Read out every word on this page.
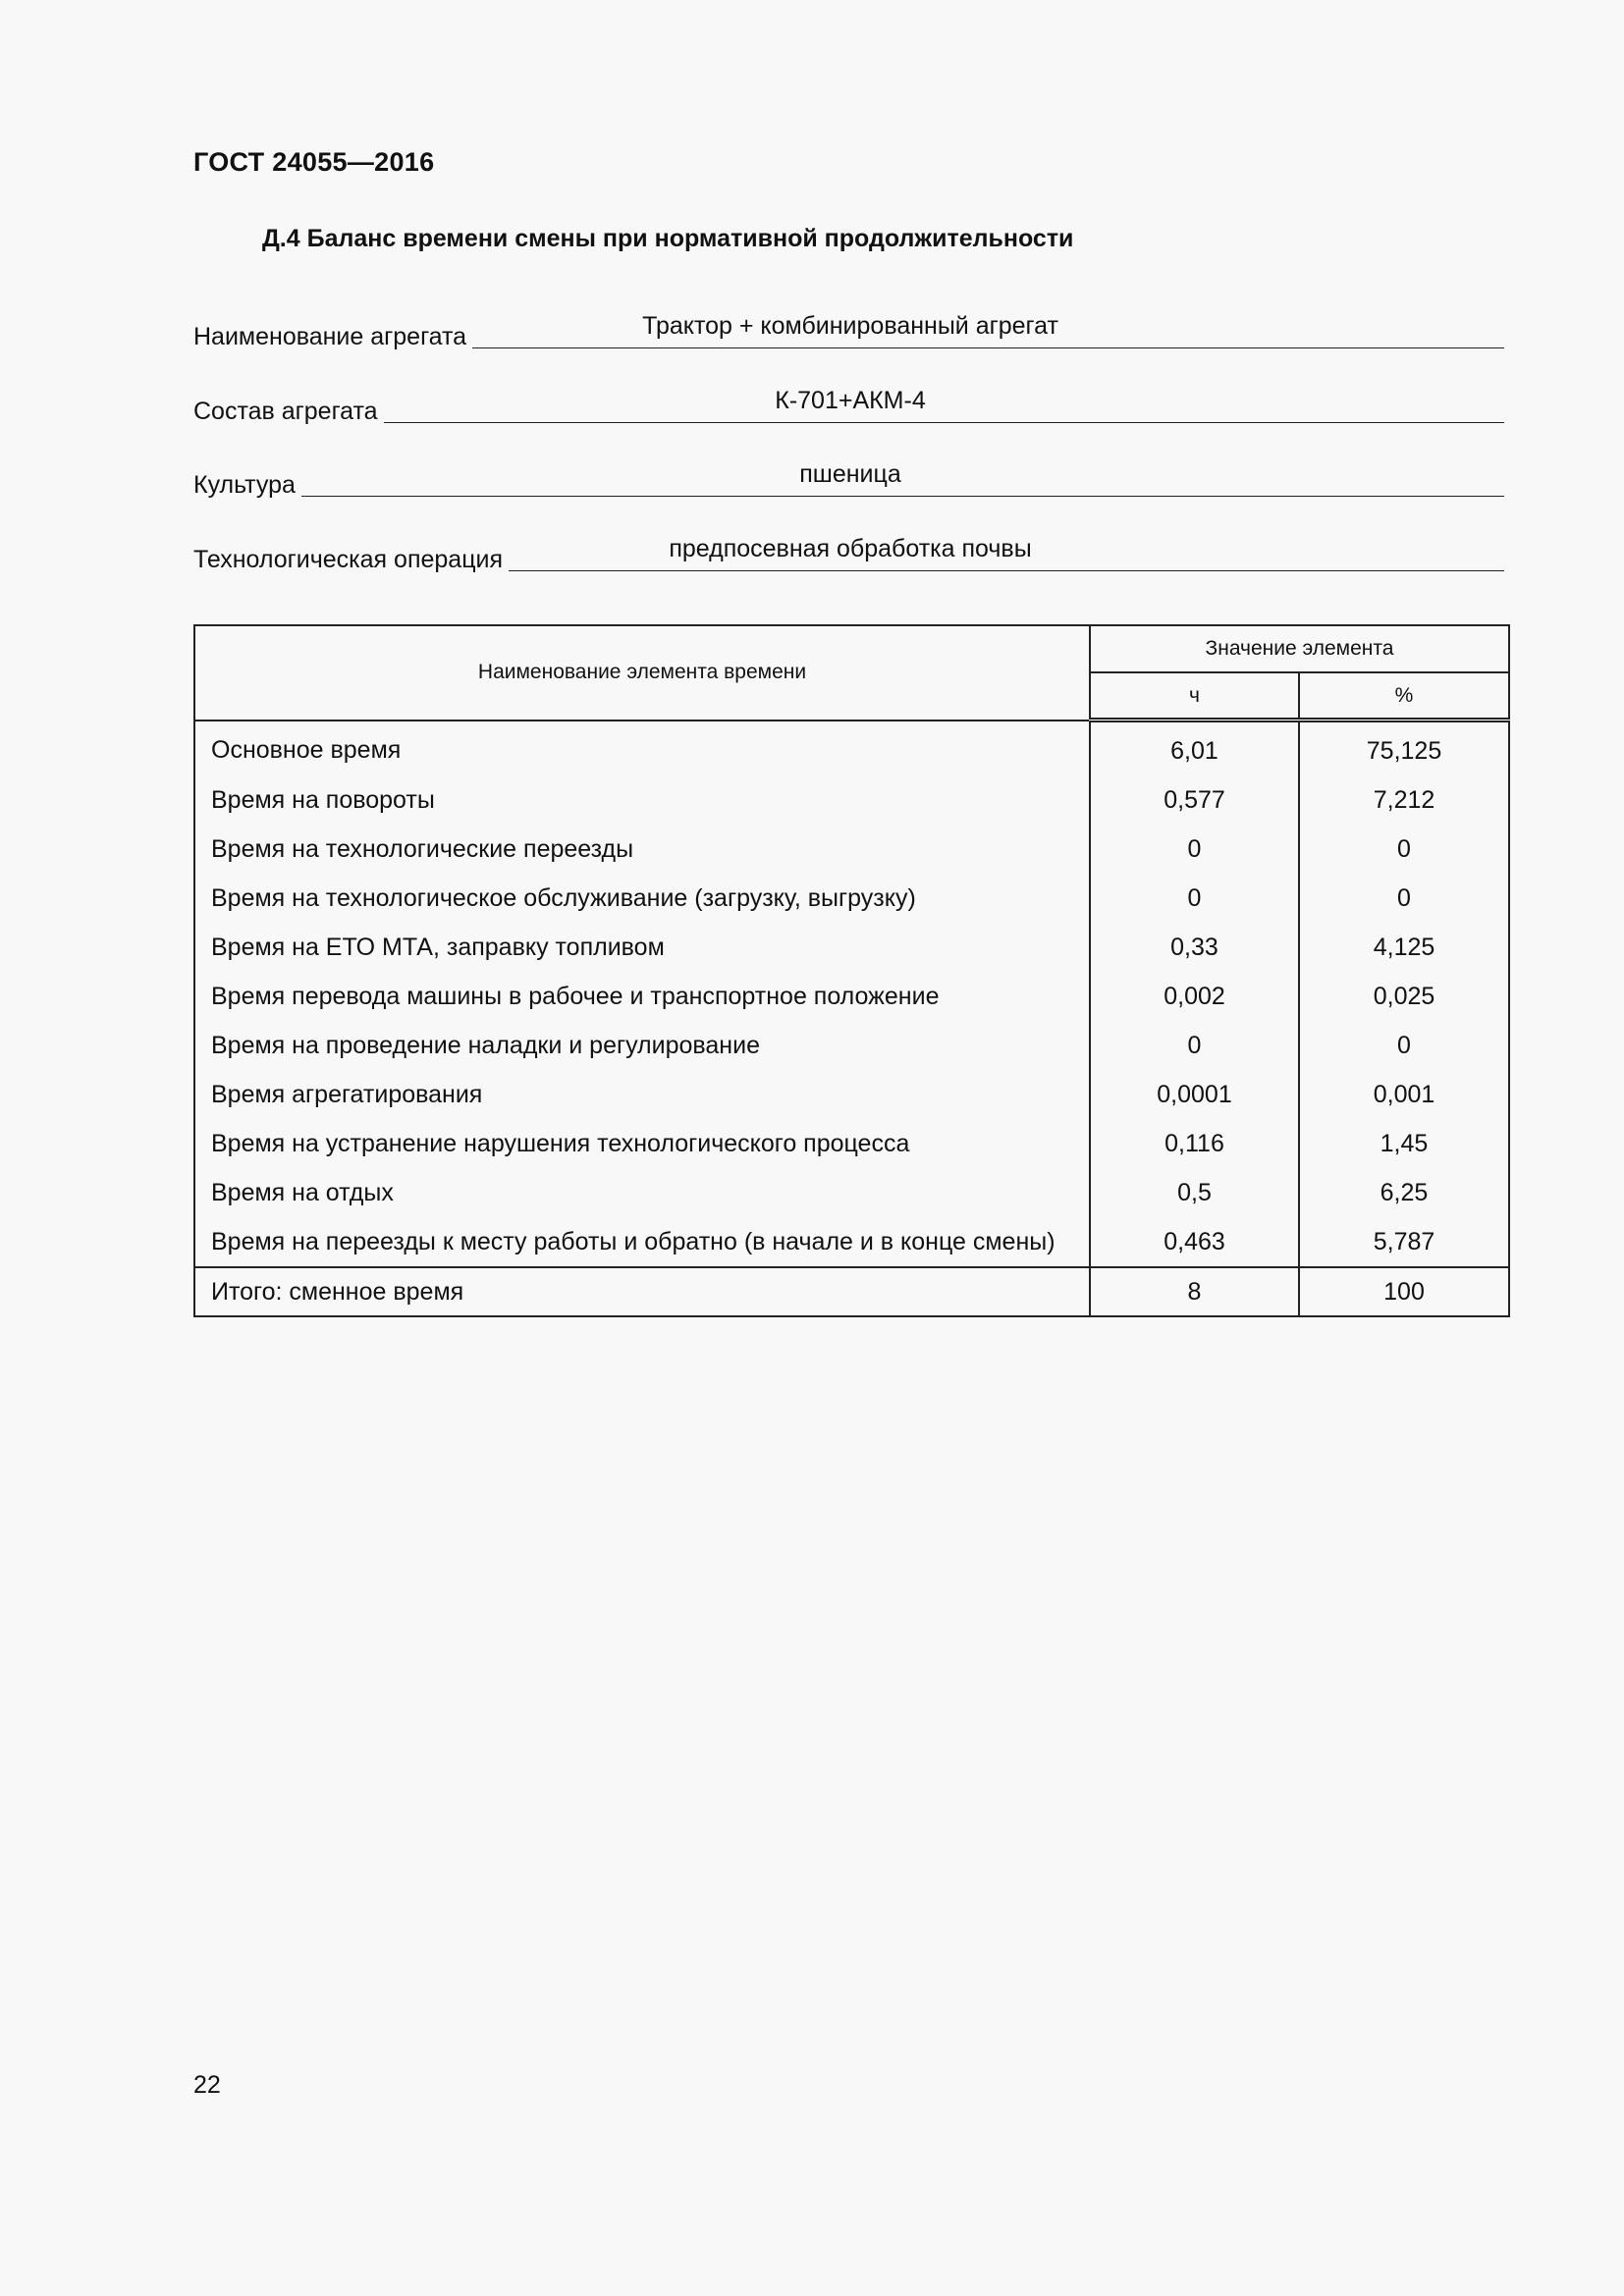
ГОСТ 24055—2016
Д.4 Баланс времени смены при нормативной продолжительности
Наименование агрегата	Трактор + комбинированный агрегат
Состав агрегата	К-701+АКМ-4
Культура	пшеница
Технологическая операция	предпосевная обработка почвы
Наименование элемента времени	Значение элемента	
	ч	%
Основное время	6,01	75,125
Время на повороты	0,577	7,212
Время на технологические переезды	0	0
Время на технологическое обслуживание (загрузку, выгрузку)	0	0
Время на ЕТО МТА, заправку топливом	0,33	4,125
Время перевода машины в рабочее и транспортное положение	0,002	0,025
Время на проведение наладки и регулирование	0	0
Время агрегатирования	0,0001	0,001
Время на устранение нарушения технологического процесса	0,116	1,45
Время на отдых	0,5	6,25
Время на переезды к месту работы и обратно (в начале и в конце смены)	0,463	5,787
Итого: сменное время	8	100
22
